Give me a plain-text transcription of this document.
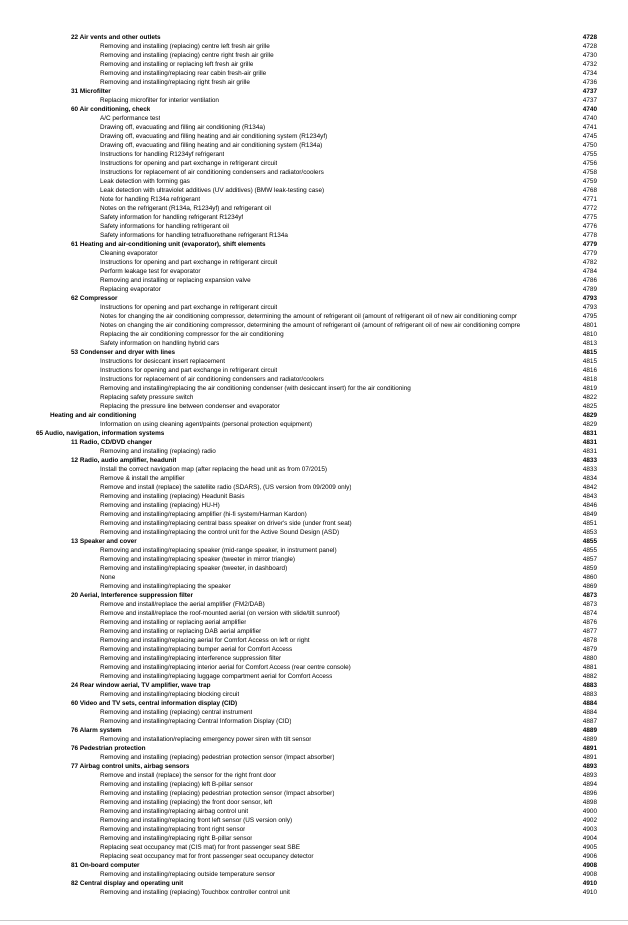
22 Air vents and other outlets	4728
Removing and installing (replacing) centre left fresh air grille	4728
Removing and installing (replacing) centre right fresh air grille	4730
Removing and installing or replacing left fresh air grille	4732
Removing and installing/replacing rear cabin fresh-air grille	4734
Removing and installing/replacing right fresh air grille	4736
31 Microfilter	4737
Replacing microfilter for interior ventilation	4737
60 Air conditioning, check	4740
A/C performance test	4740
Drawing off, evacuating and filling air conditioning (R134a)	4741
Drawing off, evacuating and filling heating and air conditioning system (R1234yf)	4745
Drawing off, evacuating and filling heating and air conditioning system (R134a)	4750
Instructions for handling R1234yf refrigerant	4755
Instructions for opening and part exchange in refrigerant circuit	4756
Instructions for replacement of air conditioning condensers and radiator/coolers	4758
Leak detection with forming gas	4759
Leak detection with ultraviolet additives (UV additives) (BMW leak-testing case)	4768
Note for handling R134a refrigerant	4771
Notes on the refrigerant (R134a, R1234yf) and refrigerant oil	4772
Safety information for handling refrigerant R1234yf	4775
Safety informations for handling refrigerant oil	4776
Safety informations for handling tetrafluorethane refrigerant R134a	4778
61 Heating and air-conditioning unit (evaporator), shift elements	4779
Cleaning evaporator	4779
Instructions for opening and part exchange in refrigerant circuit	4782
Perform leakage test for evaporator	4784
Removing and installing or replacing expansion valve	4786
Replacing evaporator	4789
62 Compressor	4793
Instructions for opening and part exchange in refrigerant circuit	4793
Notes for changing the air conditioning compressor, determining the amount of refrigerant oil (amount of refrigerant oil of new air conditioning compr	4795
Notes on changing the air conditioning compressor, determining the amount of refrigerant oil (amount of refrigerant oil of new air conditioning compre	4801
Replacing the air conditioning compressor for the air conditioning	4810
Safety information on handling hybrid cars	4813
53 Condenser and dryer with lines	4815
Instructions for desiccant insert replacement	4815
Instructions for opening and part exchange in refrigerant circuit	4816
Instructions for replacement of air conditioning condensers and radiator/coolers	4818
Removing and installing/replacing the air conditioning condenser (with desiccant insert) for the air conditioning	4819
Replacing safety pressure switch	4822
Replacing the pressure line between condenser and evaporator	4825
Heating and air conditioning	4829
Information on using cleaning agent/paints (personal protection equipment)	4829
65 Audio, navigation, information systems	4831
11 Radio, CD/DVD changer	4831
Removing and installing (replacing) radio	4831
12 Radio, audio amplifier, headunit	4833
Install the correct navigation map (after replacing the head unit as from 07/2015)	4833
Remove & install the amplifier	4834
Remove and install (replace) the satellite radio (SDARS), (US version from 09/2009 only)	4842
Removing and installing (replacing) Headunit Basis	4843
Removing and installing (replacing) HU-H)	4846
Removing and installing/replacing amplifier (hi-fi system/Harman Kardon)	4849
Removing and installing/replacing central bass speaker on driver's side (under front seat)	4851
Removing and installing/replacing the control unit for the Active Sound Design (ASD)	4853
13 Speaker and cover	4855
Removing and installing/replacing speaker (mid-range speaker, in instrument panel)	4855
Removing and installing/replacing speaker (tweeter in mirror triangle)	4857
Removing and installing/replacing speaker (tweeter, in dashboard)	4859
None	4860
Removing and installing/replacing the speaker	4869
20 Aerial, Interference suppression filter	4873
Remove and install/replace the aerial amplifier (FM2/DAB)	4873
Remove and install/replace the roof-mounted aerial (on version with slide/tilt sunroof)	4874
Removing and installing or replacing aerial amplifier	4876
Removing and installing or replacing DAB aerial amplifier	4877
Removing and installing/replacing aerial for Comfort Access on left or right	4878
Removing and installing/replacing bumper aerial for Comfort Access	4879
Removing and installing/replacing interference suppression filter	4880
Removing and installing/replacing interior aerial for Comfort Access (rear centre console)	4881
Removing and installing/replacing luggage compartment aerial for Comfort Access	4882
24 Rear window aerial, TV amplifier, wave trap	4883
Removing and installing/replacing blocking circuit	4883
60 Video and TV sets, central information display (CID)	4884
Removing and installing (replacing) central instrument	4884
Removing and installing/replacing Central Information Display (CID)	4887
76 Alarm system	4889
Removing and installation/replacing emergency power siren with tilt sensor	4889
76 Pedestrian protection	4891
Removing and installing (replacing) pedestrian protection sensor (Impact absorber)	4891
77 Airbag control units, airbag sensors	4893
Remove and install (replace) the sensor for the right front door	4893
Removing and installing (replacing) left B-pillar sensor	4894
Removing and installing (replacing) pedestrian protection sensor (Impact absorber)	4896
Removing and installing (replacing) the front door sensor, left	4898
Removing and installing/replacing airbag control unit	4900
Removing and installing/replacing front left sensor (US version only)	4902
Removing and installing/replacing front right sensor	4903
Removing and installing/replacing right B-pillar sensor	4904
Replacing seat occupancy mat (CIS mat) for front passenger seat SBE	4905
Replacing seat occupancy mat for front passenger seat occupancy detector	4906
81 On-board computer	4908
Removing and installing/replacing outside temperature sensor	4908
82 Central display and operating unit	4910
Removing and installing (replacing) Touchbox controller control unit	4910
